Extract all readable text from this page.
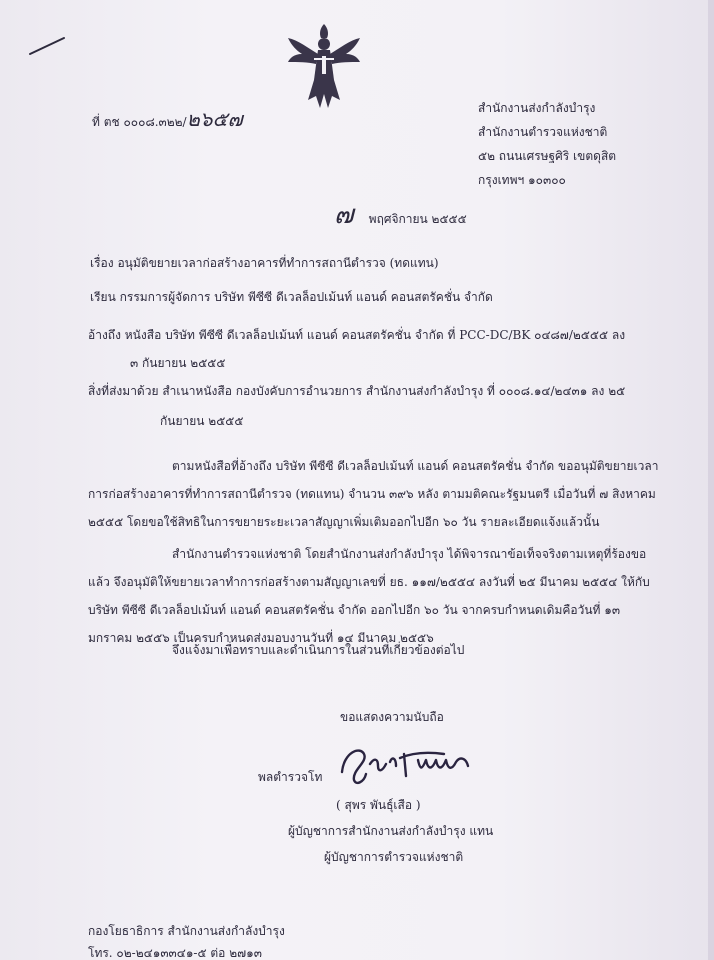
ที่ ตช ๐๐๐๘.๓๒๒/๒๖๕๗	สำนักงานส่งกำลังบำรุง
สำนักงานตำรวจแห่งชาติ
๕๒ ถนนเศรษฐศิริ เขตดุสิต
กรุงเทพฯ ๑๐๓๐๐
๗ พฤศจิกายน ๒๕๕๕
เรื่อง อนุมัติขยายเวลาก่อสร้างอาคารที่ทำการสถานีตำรวจ (ทดแทน)
เรียน กรรมการผู้จัดการ บริษัท พีซีซี ดีเวลล็อปเม้นท์ แอนด์ คอนสตรัคชั่น จำกัด
อ้างถึง หนังสือ บริษัท พีซีซี ดีเวลล็อปเม้นท์ แอนด์ คอนสตรัคชั่น จำกัด ที่ PCC-DC/BK ๐๔๘๗/๒๕๕๕ ลง
๓ กันยายน ๒๕๕๕
สิ่งที่ส่งมาด้วย สำเนาหนังสือ กองบังคับการอำนวยการ สำนักงานส่งกำลังบำรุง ที่ ๐๐๐๘.๑๔/๒๔๓๑ ลง ๒๕
กันยายน ๒๕๕๕
ตามหนังสือที่อ้างถึง บริษัท พีซีซี ดีเวลล็อปเม้นท์ แอนด์ คอนสตรัคชั่น จำกัด ขออนุมัติขยายเวลาการก่อสร้างอาคารที่ทำการสถานีตำรวจ (ทดแทน) จำนวน ๓๙๖ หลัง ตามมติคณะรัฐมนตรี เมื่อวันที่ ๗ สิงหาคม ๒๕๕๕ โดยขอใช้สิทธิในการขยายระยะเวลาสัญญาเพิ่มเติมออกไปอีก ๖๐ วัน รายละเอียดแจ้งแล้วนั้น
สำนักงานตำรวจแห่งชาติ โดยสำนักงานส่งกำลังบำรุง ได้พิจารณาข้อเท็จจริงตามเหตุที่ร้องขอแล้ว จึงอนุมัติให้ขยายเวลาทำการก่อสร้างตามสัญญาเลขที่ ยธ. ๑๑๗/๒๕๕๔ ลงวันที่ ๒๕ มีนาคม ๒๕๕๔ ให้กับ บริษัท พีซีซี ดีเวลล็อปเม้นท์ แอนด์ คอนสตรัคชั่น จำกัด ออกไปอีก ๖๐ วัน จากครบกำหนดเดิมคือวันที่ ๑๓ มกราคม ๒๕๕๖ เป็นครบกำหนดส่งมอบงานวันที่ ๑๔ มีนาคม ๒๕๕๖
จึงแจ้งมาเพื่อทราบและดำเนินการในส่วนที่เกี่ยวข้องต่อไป
ขอแสดงความนับถือ
พลตำรวจโท
( สุพร พันธุ์เสือ )
ผู้บัญชาการสำนักงานส่งกำลังบำรุง แทน
ผู้บัญชาการตำรวจแห่งชาติ
กองโยธาธิการ สำนักงานส่งกำลังบำรุง
โทร. ๐๒-๒๔๑๓๓๔๑-๕ ต่อ ๒๗๑๓
